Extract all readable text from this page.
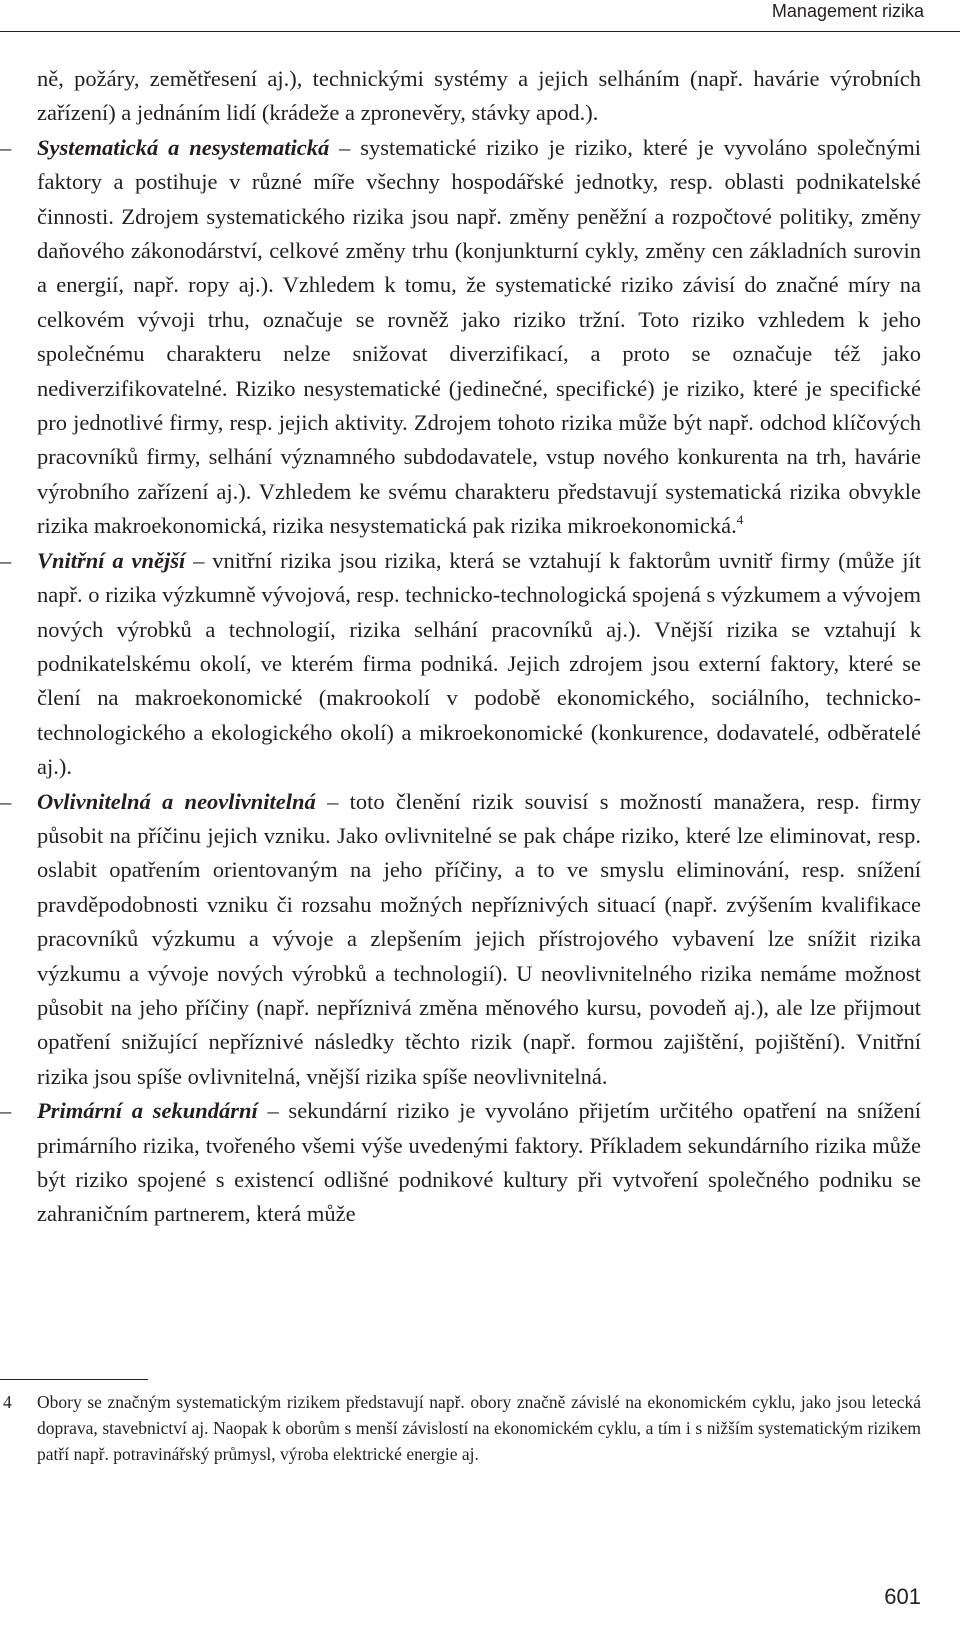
Management rizika

ně, požáry, zemětřesení aj.), technickými systémy a jejich selháním (např. havárie výrobních zařízení) a jednáním lidí (krádeže a zpronevěry, stávky apod.).

– Systematická a nesystematická – systematické riziko je riziko, které je vyvoláno společnými faktory a postihuje v různé míře všechny hospodářské jednotky, resp. oblasti podnikatelské činnosti. Zdrojem systematického rizika jsou např. změny peněžní a rozpočtové politiky, změny daňového zákonodárství, celkové změny trhu (konjunkturní cykly, změny cen základních surovin a energií, např. ropy aj.). Vzhledem k tomu, že systematické riziko závisí do značné míry na celkovém vývoji trhu, označuje se rovněž jako riziko tržní. Toto riziko vzhledem k jeho společnému charakteru nelze snižovat diverzifikací, a proto se označuje též jako nediverzifikovatelné. Riziko nesystematické (jedinečné, specifické) je riziko, které je specifické pro jednotlivé firmy, resp. jejich aktivity. Zdrojem tohoto rizika může být např. odchod klíčových pracovníků firmy, selhání významného subdodavatele, vstup nového konkurenta na trh, havárie výrobního zařízení aj.). Vzhledem ke svému charakteru představují systematická rizika obvykle rizika makroekonomická, rizika nesystematická pak rizika mikroekonomická.$^4$

– Vnitřní a vnější – vnitřní rizika jsou rizika, která se vztahují k faktorům uvnitř firmy (může jít např. o rizika výzkumně vývojová, resp. technicko-technologická spojená s výzkumem a vývojem nových výrobků a technologií, rizika selhání pracovníků aj.). Vnější rizika se vztahují k podnikatelskému okolí, ve kterém firma podniká. Jejich zdrojem jsou externí faktory, které se člení na makroekonomické (makrookolí v podobě ekonomického, sociálního, technicko-technologického a ekologického okolí) a mikroekonomické (konkurence, dodavatelé, odběratelé aj.).

– Ovlivnitelná a neovlivnitelná – toto členění rizik souvisí s možností manažera, resp. firmy působit na příčinu jejich vzniku. Jako ovlivnitelné se pak chápe riziko, které lze eliminovat, resp. oslabit opatřením orientovaným na jeho příčiny, a to ve smyslu eliminování, resp. snížení pravděpodobnosti vzniku či rozsahu možných nepříznivých situací (např. zvýšením kvalifikace pracovníků výzkumu a vývoje a zlepšením jejich přístrojového vybavení lze snížit rizika výzkumu a vývoje nových výrobků a technologií). U neovlivnitelného rizika nemáme možnost působit na jeho příčiny (např. nepříznivá změna měnového kursu, povodeň aj.), ale lze přijmout opatření snižující nepříznivé následky těchto rizik (např. formou zajištění, pojištění). Vnitřní rizika jsou spíše ovlivnitelná, vnější rizika spíše neovlivnitelná.

– Primární a sekundární – sekundární riziko je vyvoláno přijetím určitého opatření na snížení primárního rizika, tvořeného všemi výše uvedenými faktory. Příkladem sekundárního rizika může být riziko spojené s existencí odlišné podnikové kultury při vytvoření společného podniku se zahraničním partnerem, která může

4 Obory se značným systematickým rizikem představují např. obory značně závislé na ekonomickém cyklu, jako jsou letecká doprava, stavebnictví aj. Naopak k oborům s menší závislostí na ekonomickém cyklu, a tím i s nižším systematickým rizikem patří např. potravinářský průmysl, výroba elektrické energie aj.
601
